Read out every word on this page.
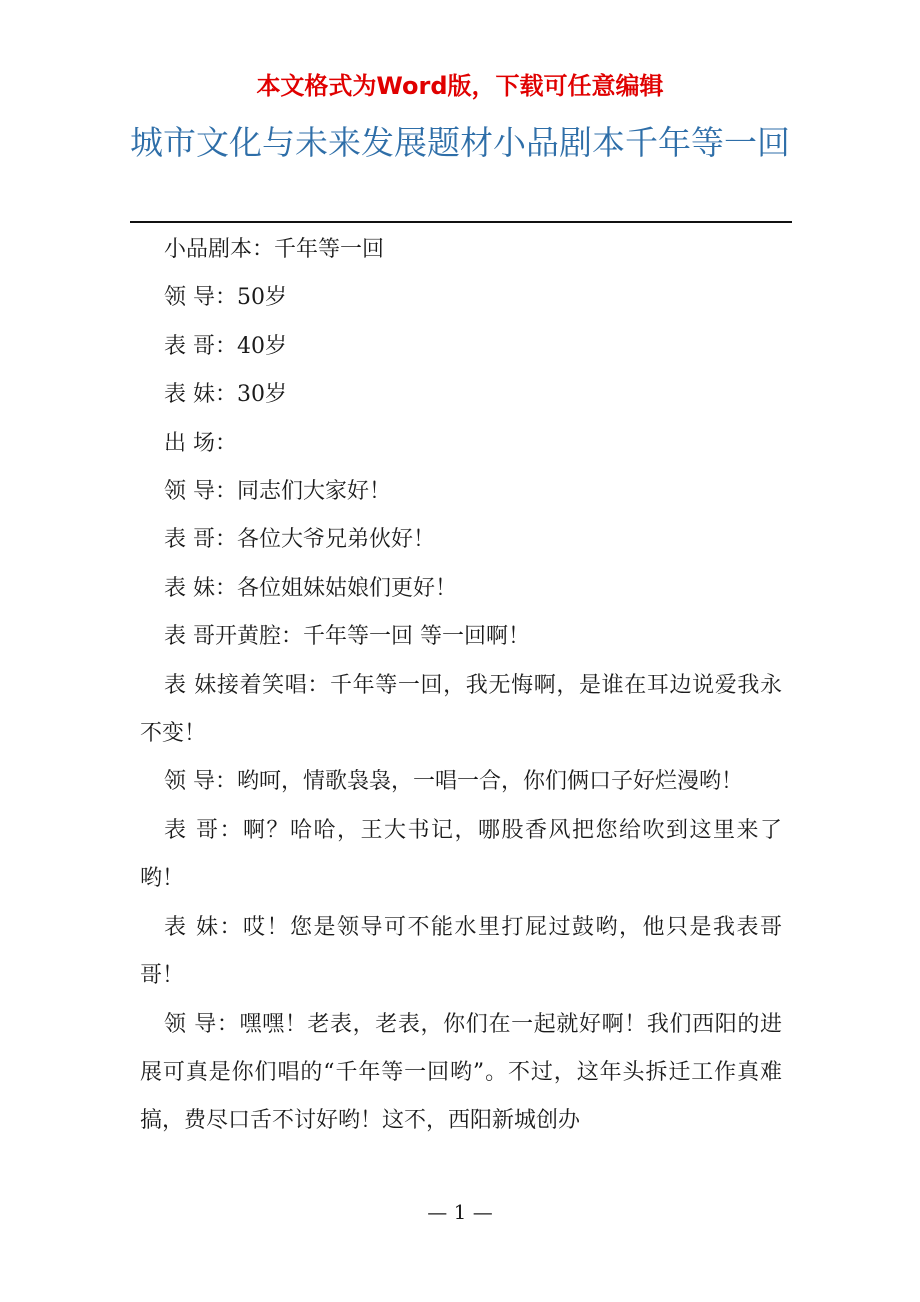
本文格式为Word版，下载可任意编辑
城市文化与未来发展题材小品剧本千年等一回

小品剧本：千年等一回

领 导：50岁

表 哥：40岁

表 妹：30岁

出 场：

领 导：同志们大家好！

表 哥：各位大爷兄弟伙好！

表 妹：各位姐妹姑娘们更好！

表 哥开黄腔：千年等一回 等一回啊！

表 妹接着笑唱：千年等一回，我无悔啊，是谁在耳边说爱我永不变！

领 导：哟呵，情歌袅袅，一唱一合，你们俩口子好烂漫哟！

表 哥：啊？哈哈，王大书记，哪股香风把您给吹到这里来了哟！

表 妹：哎！您是领导可不能水里打屁过鼓哟，他只是我表哥哥！

领 导：嘿嘿！老表，老表，你们在一起就好啊！我们西阳的进展可真是你们唱的“千年等一回哟”。不过，这年头拆迁工作真难搞，费尽口舌不讨好哟！这不，西阳新城创办

— 1 —
